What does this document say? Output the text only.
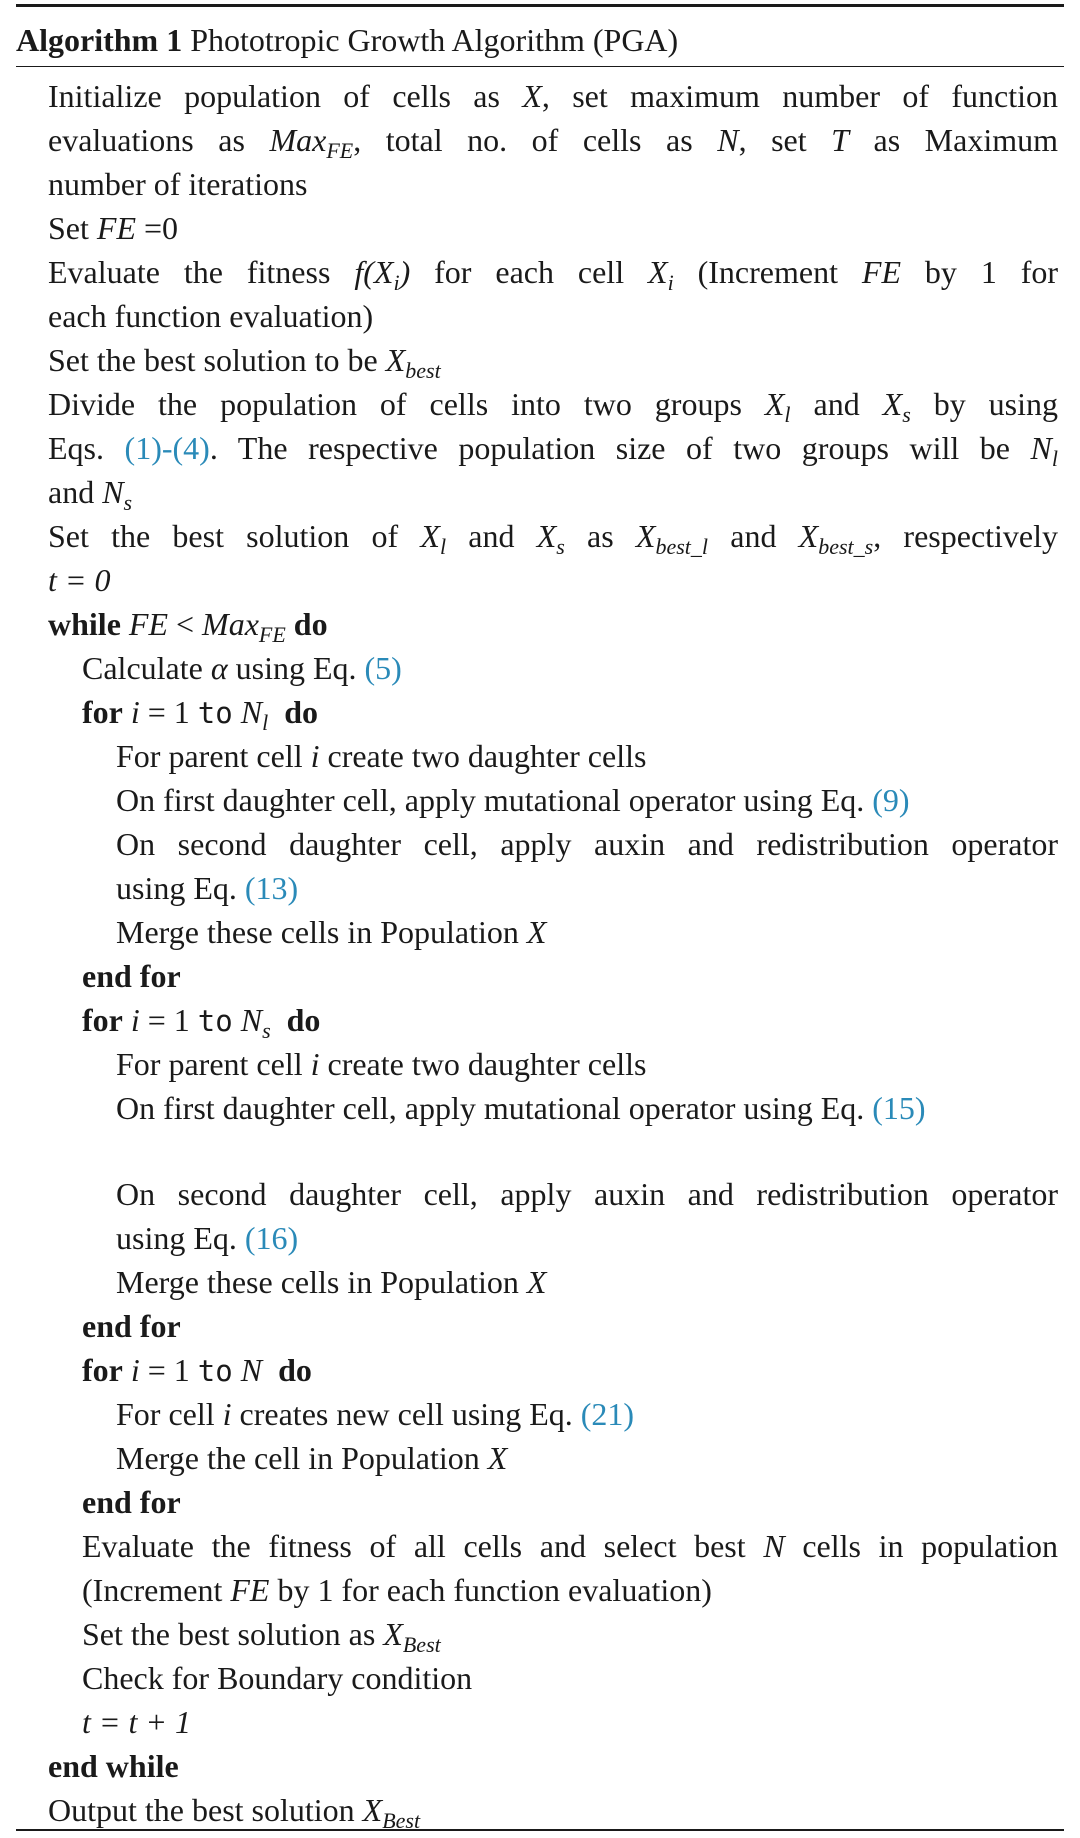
Algorithm 1 Phototropic Growth Algorithm (PGA)
Initialize population of cells as X, set maximum number of function
evaluations as Max$_{FE}$, total no. of cells as N, set T as Maximum
number of iterations
Set FE =0
Evaluate the fitness $f(X_i)$ for each cell $X_i$ (Increment FE by 1 for
each function evaluation)
Set the best solution to be $X_{best}$
Divide the population of cells into two groups $X_l$ and $X_s$ by using
Eqs. (1)-(4). The respective population size of two groups will be $N_l$
and $N_s$
Set the best solution of $X_l$ and $X_s$ as $X_{best\_l}$ and $X_{best\_s}$, respectively
t = 0
while FE < Max$_{FE}$ do
Calculate α using Eq. (5)
for i = 1 to $N_l$ do
For parent cell i create two daughter cells
On first daughter cell, apply mutational operator using Eq. (9)
On second daughter cell, apply auxin and redistribution operator
using Eq. (13)
Merge these cells in Population X
end for
for i = 1 to $N_s$ do
For parent cell i create two daughter cells
On first daughter cell, apply mutational operator using Eq. (15)
On second daughter cell, apply auxin and redistribution operator
using Eq. (16)
Merge these cells in Population X
end for
for i = 1 to N do
For cell i creates new cell using Eq. (21)
Merge the cell in Population X
end for
Evaluate the fitness of all cells and select best N cells in population
(Increment FE by 1 for each function evaluation)
Set the best solution as $X_{Best}$
Check for Boundary condition
t = t + 1
end while
Output the best solution $X_{Best}$
